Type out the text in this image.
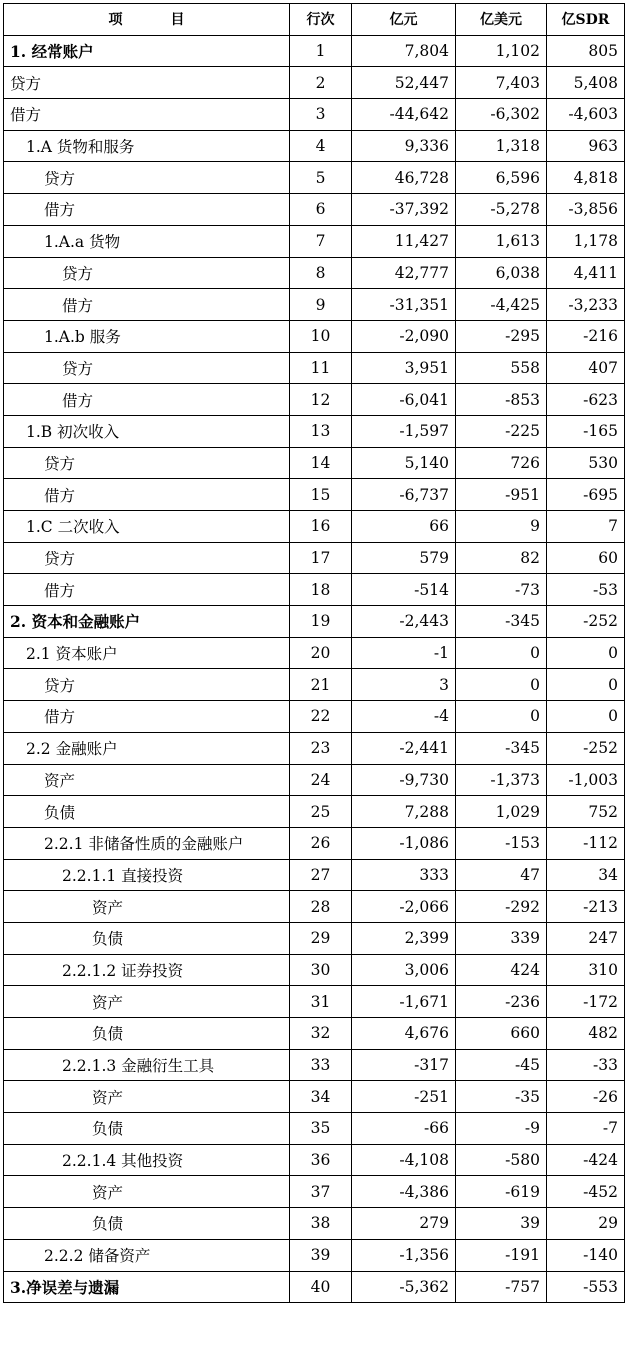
项 目	行次	亿元	亿美元	亿SDR
1. 经常账户	1	7,804	1,102	805
贷方	2	52,447	7,403	5,408
借方	3	-44,642	-6,302	-4,603
1.A 货物和服务	4	9,336	1,318	963
贷方	5	46,728	6,596	4,818
借方	6	-37,392	-5,278	-3,856
1.A.a 货物	7	11,427	1,613	1,178
贷方	8	42,777	6,038	4,411
借方	9	-31,351	-4,425	-3,233
1.A.b 服务	10	-2,090	-295	-216
贷方	11	3,951	558	407
借方	12	-6,041	-853	-623
1.B 初次收入	13	-1,597	-225	-165
贷方	14	5,140	726	530
借方	15	-6,737	-951	-695
1.C 二次收入	16	66	9	7
贷方	17	579	82	60
借方	18	-514	-73	-53
2. 资本和金融账户	19	-2,443	-345	-252
2.1 资本账户	20	-1	0	0
贷方	21	3	0	0
借方	22	-4	0	0
2.2 金融账户	23	-2,441	-345	-252
资产	24	-9,730	-1,373	-1,003
负债	25	7,288	1,029	752
2.2.1 非储备性质的金融账户	26	-1,086	-153	-112
2.2.1.1 直接投资	27	333	47	34
资产	28	-2,066	-292	-213
负债	29	2,399	339	247
2.2.1.2 证券投资	30	3,006	424	310
资产	31	-1,671	-236	-172
负债	32	4,676	660	482
2.2.1.3 金融衍生工具	33	-317	-45	-33
资产	34	-251	-35	-26
负债	35	-66	-9	-7
2.2.1.4 其他投资	36	-4,108	-580	-424
资产	37	-4,386	-619	-452
负债	38	279	39	29
2.2.2 储备资产	39	-1,356	-191	-140
3.净误差与遗漏	40	-5,362	-757	-553
